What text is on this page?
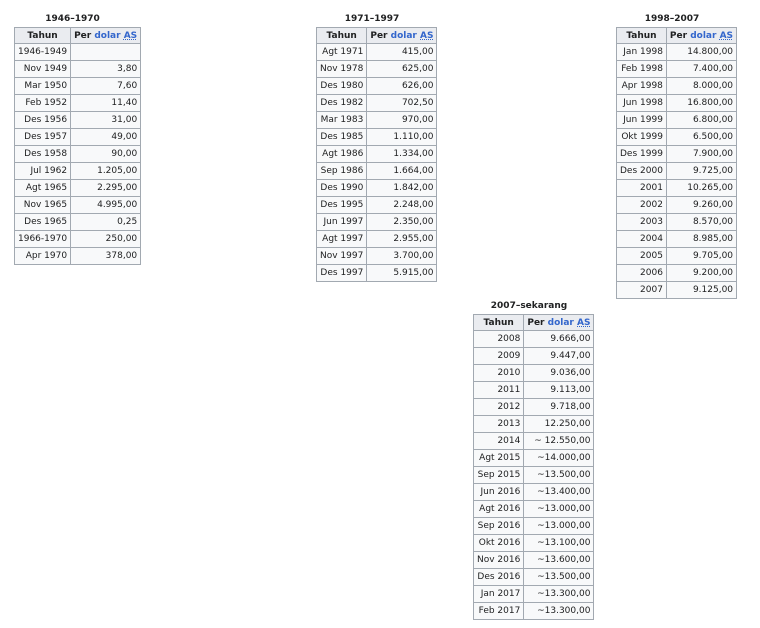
1946–1970
Tahun	Per dolar AS
1946-1949	
Nov 1949	3,80
Mar 1950	7,60
Feb 1952	11,40
Des 1956	31,00
Des 1957	49,00
Des 1958	90,00
Jul 1962	1.205,00
Agt 1965	2.295,00
Nov 1965	4.995,00
Des 1965	0,25
1966-1970	250,00
Apr 1970	378,00
1971–1997
Tahun	Per dolar AS
Agt 1971	415,00
Nov 1978	625,00
Des 1980	626,00
Des 1982	702,50
Mar 1983	970,00
Des 1985	1.110,00
Agt 1986	1.334,00
Sep 1986	1.664,00
Des 1990	1.842,00
Des 1995	2.248,00
Jun 1997	2.350,00
Agt 1997	2.955,00
Nov 1997	3.700,00
Des 1997	5.915,00
1998–2007
Tahun	Per dolar AS
Jan 1998	14.800,00
Feb 1998	7.400,00
Apr 1998	8.000,00
Jun 1998	16.800,00
Jun 1999	6.800,00
Okt 1999	6.500,00
Des 1999	7.900,00
Des 2000	9.725,00
2001	10.265,00
2002	9.260,00
2003	8.570,00
2004	8.985,00
2005	9.705,00
2006	9.200,00
2007	9.125,00
2007–sekarang
Tahun	Per dolar AS
2008	9.666,00
2009	9.447,00
2010	9.036,00
2011	9.113,00
2012	9.718,00
2013	12.250,00
2014	~ 12.550,00
Agt 2015	~14.000,00
Sep 2015	~13.500,00
Jun 2016	~13.400,00
Agt 2016	~13.000,00
Sep 2016	~13.000,00
Okt 2016	~13.100,00
Nov 2016	~13.600,00
Des 2016	~13.500,00
Jan 2017	~13.300,00
Feb 2017	~13.300,00
